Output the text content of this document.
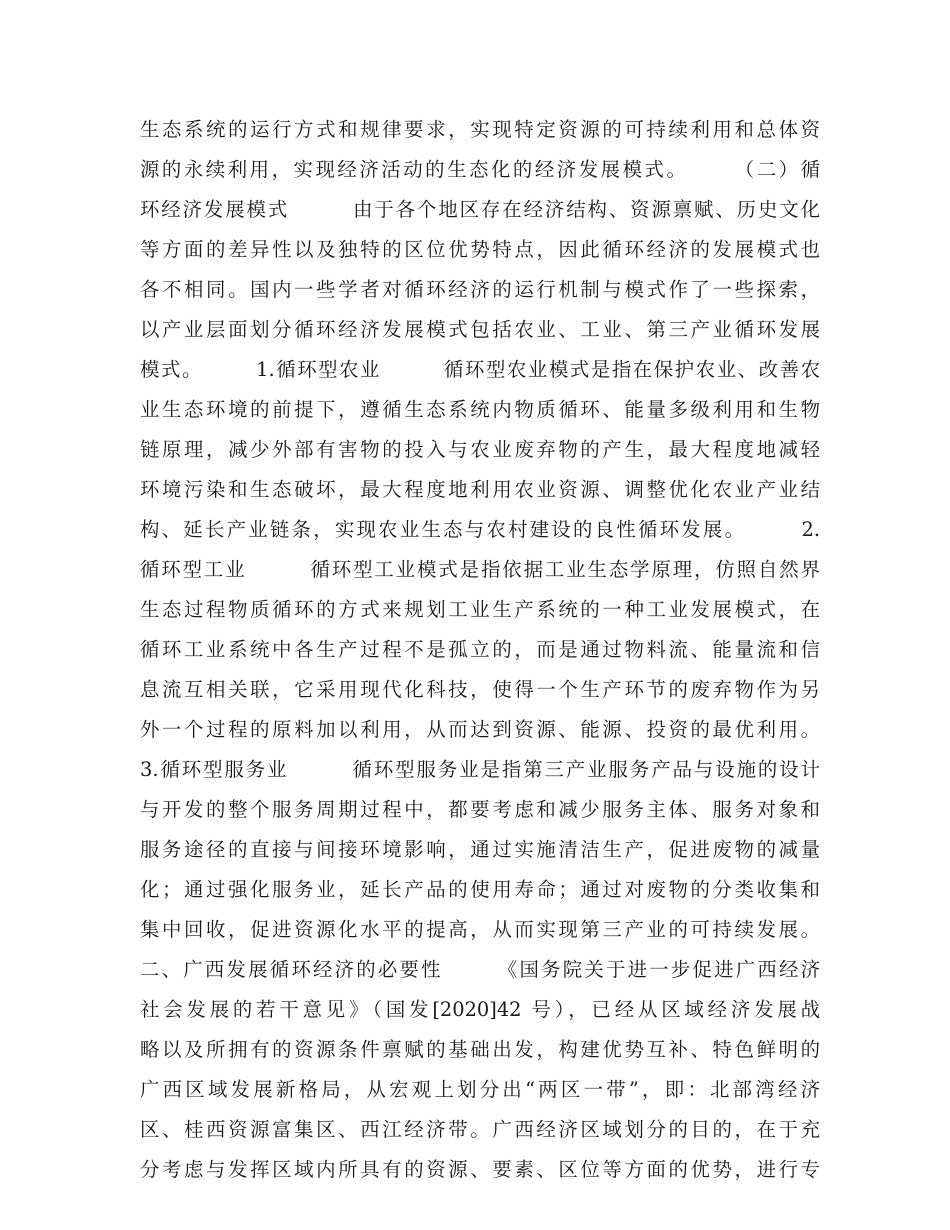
生态系统的运行方式和规律要求，实现特定资源的可持续利用和总体资
源的永续利用，实现经济活动的生态化的经济发展模式。　　　（二）循
环经济发展模式　　　由于各个地区存在经济结构、资源禀赋、历史文化
等方面的差异性以及独特的区位优势特点，因此循环经济的发展模式也
各不相同。国内一些学者对循环经济的运行机制与模式作了一些探索，
以产业层面划分循环经济发展模式包括农业、工业、第三产业循环发展
模式。　　　1.循环型农业　　　循环型农业模式是指在保护农业、改善农
业生态环境的前提下，遵循生态系统内物质循环、能量多级利用和生物
链原理，减少外部有害物的投入与农业废弃物的产生，最大程度地减轻
环境污染和生态破坏，最大程度地利用农业资源、调整优化农业产业结
构、延长产业链条，实现农业生态与农村建设的良性循环发展。　　　2.
循环型工业　　　循环型工业模式是指依据工业生态学原理，仿照自然界
生态过程物质循环的方式来规划工业生产系统的一种工业发展模式，在
循环工业系统中各生产过程不是孤立的，而是通过物料流、能量流和信
息流互相关联，它采用现代化科技，使得一个生产环节的废弃物作为另
外一个过程的原料加以利用，从而达到资源、能源、投资的最优利用。
3.循环型服务业　　　循环型服务业是指第三产业服务产品与设施的设计
与开发的整个服务周期过程中，都要考虑和减少服务主体、服务对象和
服务途径的直接与间接环境影响，通过实施清洁生产，促进废物的减量
化；通过强化服务业，延长产品的使用寿命；通过对废物的分类收集和
集中回收，促进资源化水平的提高，从而实现第三产业的可持续发展。
二、广西发展循环经济的必要性　　　《国务院关于进一步促进广西经济
社会发展的若干意见》（国发[2020]42 号），已经从区域经济发展战
略以及所拥有的资源条件禀赋的基础出发，构建优势互补、特色鲜明的
广西区域发展新格局，从宏观上划分出“两区一带”，即：北部湾经济
区、桂西资源富集区、西江经济带。广西经济区域划分的目的，在于充
分考虑与发挥区域内所具有的资源、要素、区位等方面的优势，进行专
